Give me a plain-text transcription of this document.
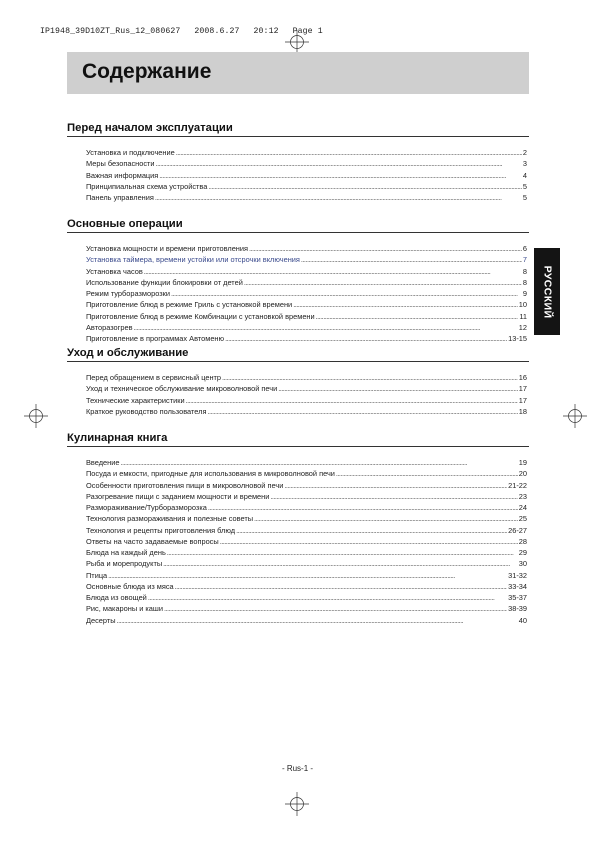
IP1948_39D10ZT_Rus_12_080627 2008.6.27 20:12 Page 1
Содержание
РУССКИЙ
Перед началом эксплуатации
Установка и подключение . . .	2
Меры безопасности . . .	3
Важная информация . . .	4
Принципиальная схема устройства . . .	5
Панель управления . . .	5
Основные операции
Установка мощности и времени приготовления . . .	6
Установка таймера, времени устойки или отсрочки включения . . .	7
Установка часов . . .	8
Использование функции блокировки от детей . . .	8
Режим турборазморозки . . .	9
Приготовление блюд в режиме Гриль с установкой времени . . .	10
Приготовление блюд в режиме Комбинации с установкой времени . . .	11
Авторазогрев . . .	12
Приготовление в программах Автоменю . . .	13-15
Уход и обслуживание
Перед обращением в сервисный центр . . .	16
Уход и техническое обслуживание микроволновой печи . . .	17
Технические характеристики . . .	17
Краткое руководство пользователя . . .	18
Кулинарная книга
Введение . . .	19
Посуда и емкости, пригодные для использования в микроволновой печи . . .	20
Особенности приготовления пищи в микроволновой печи . . .	21-22
Разогревание пищи с заданием мощности и времени . . .	23
Размораживание/Турборазморозка . . .	24
Технология размораживания и полезные советы . . .	25
Технология и рецепты приготовления блюд . . .	26-27
Ответы на часто задаваемые вопросы . . .	28
Блюда на каждый день . . .	29
Рыба и морепродукты . . .	30
Птица . . .	31-32
Основные блюда из мяса . . .	33-34
Блюда из овощей . . .	35-37
Рис, макароны и каши . . .	38-39
Десерты . . .	40
- Rus-1 -
